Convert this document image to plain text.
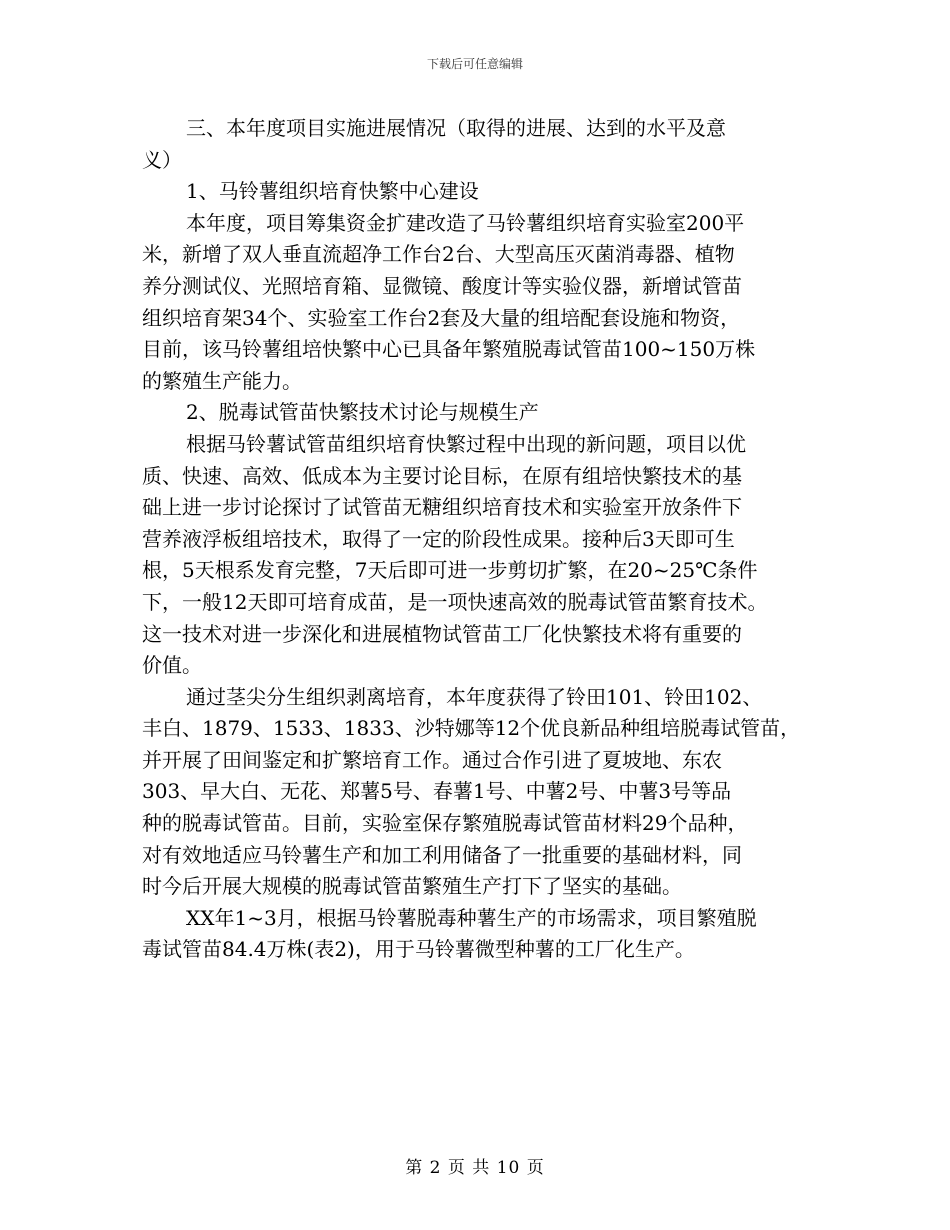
下载后可任意编辑
三、本年度项目实施进展情况（取得的进展、达到的水平及意
义）
1、马铃薯组织培育快繁中心建设
本年度，项目筹集资金扩建改造了马铃薯组织培育实验室200平
米，新增了双人垂直流超净工作台2台、大型高压灭菌消毒器、植物
养分测试仪、光照培育箱、显微镜、酸度计等实验仪器，新增试管苗
组织培育架34个、实验室工作台2套及大量的组培配套设施和物资，
目前，该马铃薯组培快繁中心已具备年繁殖脱毒试管苗100~150万株
的繁殖生产能力。
2、脱毒试管苗快繁技术讨论与规模生产
根据马铃薯试管苗组织培育快繁过程中出现的新问题，项目以优
质、快速、高效、低成本为主要讨论目标，在原有组培快繁技术的基
础上进一步讨论探讨了试管苗无糖组织培育技术和实验室开放条件下
营养液浮板组培技术，取得了一定的阶段性成果。接种后3天即可生
根，5天根系发育完整，7天后即可进一步剪切扩繁，在20~25℃条件
下，一般12天即可培育成苗，是一项快速高效的脱毒试管苗繁育技术。
这一技术对进一步深化和进展植物试管苗工厂化快繁技术将有重要的
价值。
通过茎尖分生组织剥离培育，本年度获得了铃田101、铃田102、
丰白、1879、1533、1833、沙特娜等12个优良新品种组培脱毒试管苗，
并开展了田间鉴定和扩繁培育工作。通过合作引进了夏坡地、东农
303、早大白、无花、郑薯5号、春薯1号、中薯2号、中薯3号等品
种的脱毒试管苗。目前，实验室保存繁殖脱毒试管苗材料29个品种，
对有效地适应马铃薯生产和加工利用储备了一批重要的基础材料，同
时今后开展大规模的脱毒试管苗繁殖生产打下了坚实的基础。
XX年1~3月，根据马铃薯脱毒种薯生产的市场需求，项目繁殖脱
毒试管苗84.4万株(表2)，用于马铃薯微型种薯的工厂化生产。
第 2 页 共 10 页
